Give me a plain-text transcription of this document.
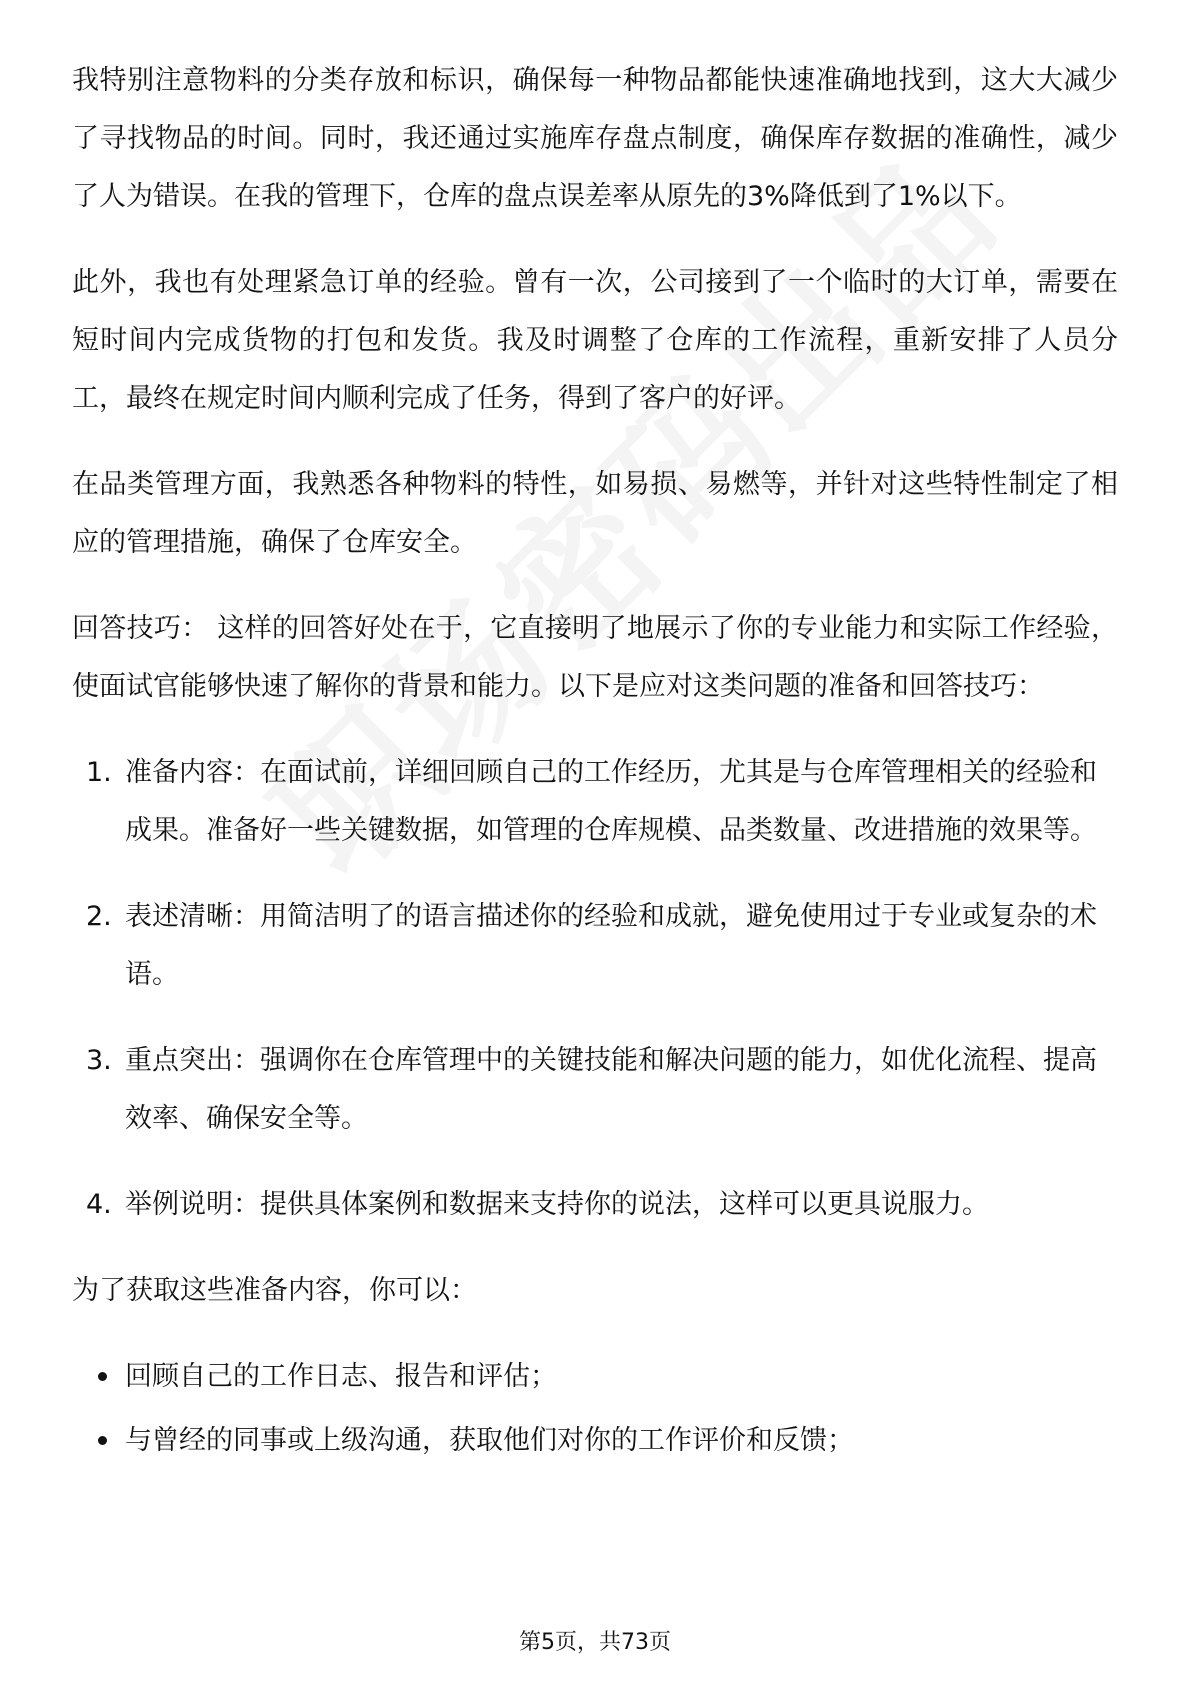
我特别注意物料的分类存放和标识，确保每一种物品都能快速准确地找到，这大大减少了寻找物品的时间。同时，我还通过实施库存盘点制度，确保库存数据的准确性，减少了人为错误。在我的管理下，仓库的盘点误差率从原先的3%降低到了1%以下。

此外，我也有处理紧急订单的经验。曾有一次，公司接到了一个临时的大订单，需要在短时间内完成货物的打包和发货。我及时调整了仓库的工作流程，重新安排了人员分工，最终在规定时间内顺利完成了任务，得到了客户的好评。

在品类管理方面，我熟悉各种物料的特性，如易损、易燃等，并针对这些特性制定了相应的管理措施，确保了仓库安全。

回答技巧： 这样的回答好处在于，它直接明了地展示了你的专业能力和实际工作经验，使面试官能够快速了解你的背景和能力。以下是应对这类问题的准备和回答技巧：

1. 准备内容：在面试前，详细回顾自己的工作经历，尤其是与仓库管理相关的经验和成果。准备好一些关键数据，如管理的仓库规模、品类数量、改进措施的效果等。
2. 表述清晰：用简洁明了的语言描述你的经验和成就，避免使用过于专业或复杂的术语。
3. 重点突出：强调你在仓库管理中的关键技能和解决问题的能力，如优化流程、提高效率、确保安全等。
4. 举例说明：提供具体案例和数据来支持你的说法，这样可以更具说服力。

为了获取这些准备内容，你可以：

回顾自己的工作日志、报告和评估；
与曾经的同事或上级沟通，获取他们对你的工作评价和反馈；
第5页，共73页
